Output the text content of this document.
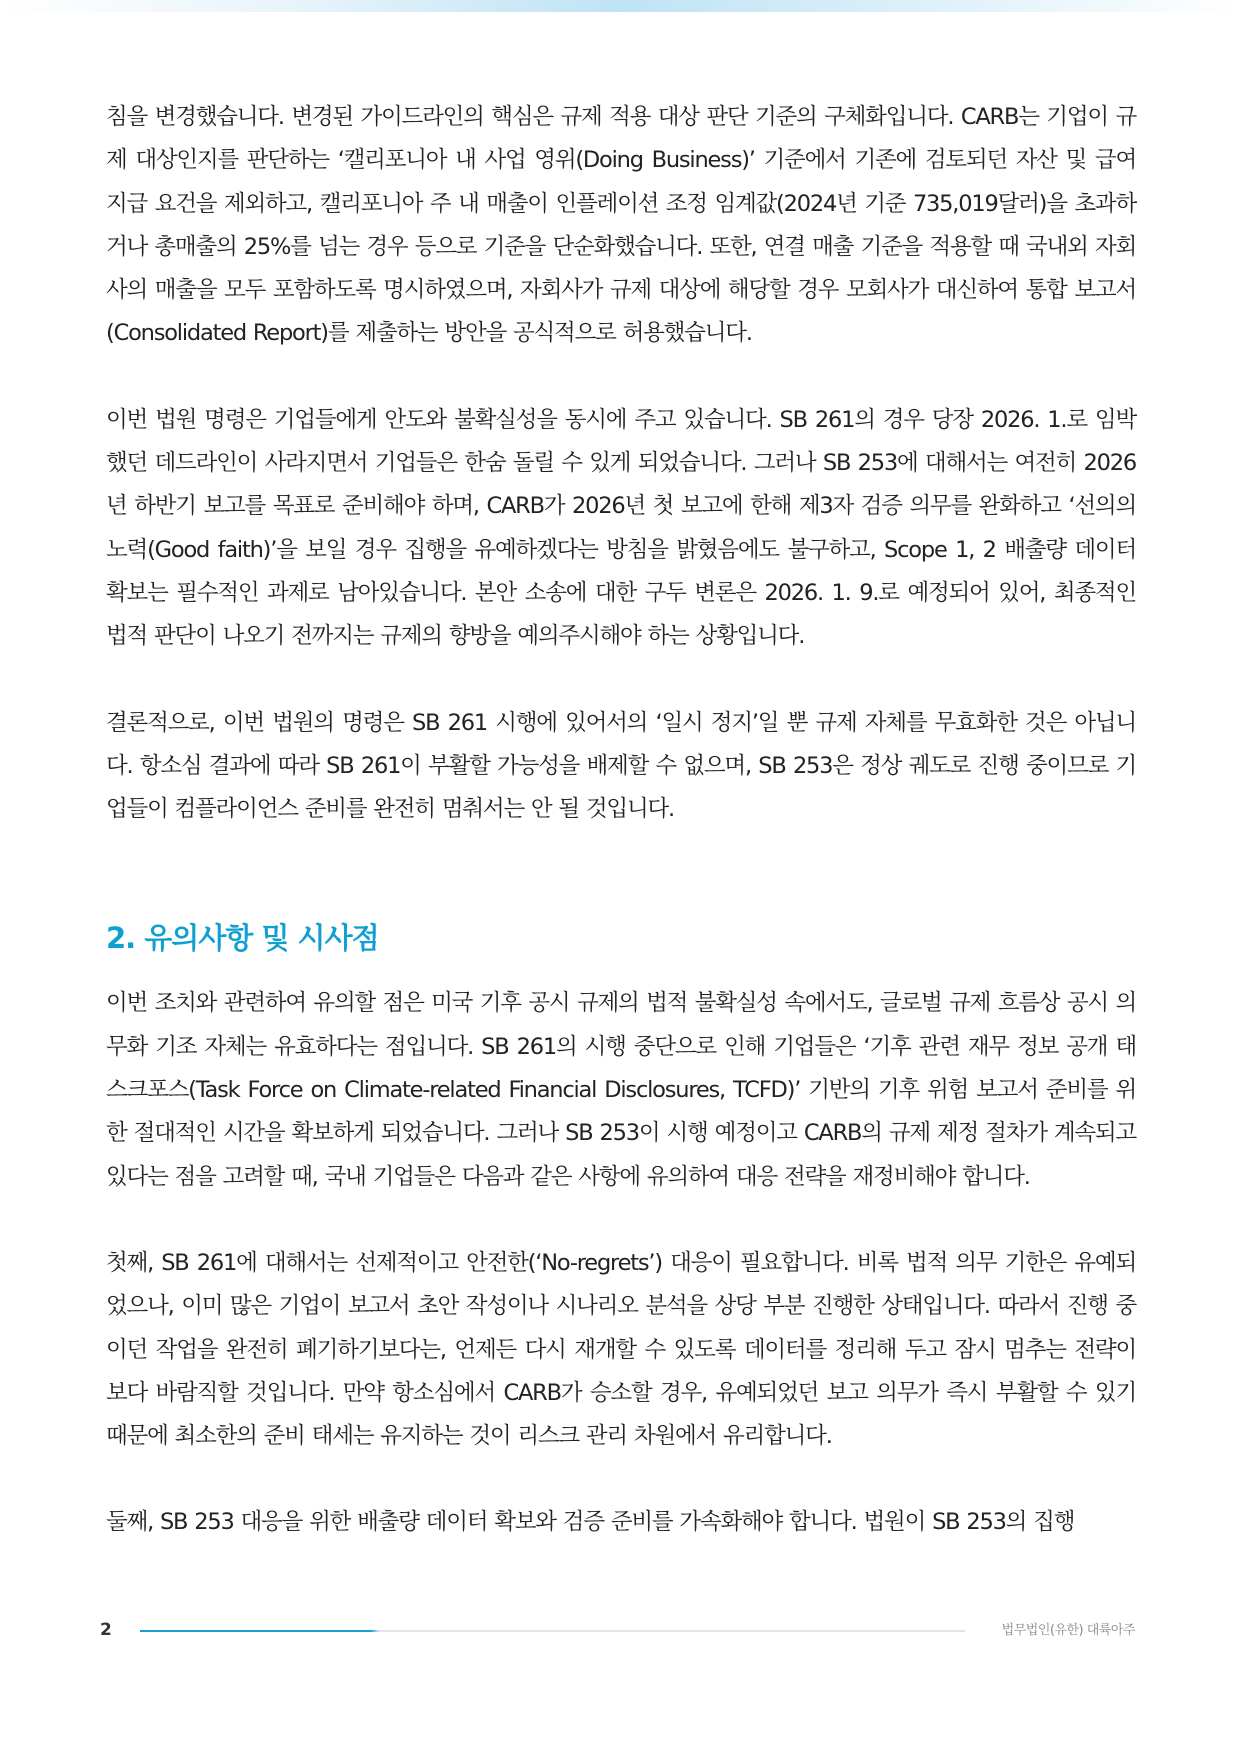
침을 변경했습니다. 변경된 가이드라인의 핵심은 규제 적용 대상 판단 기준의 구체화입니다. CARB는 기업이 규제 대상인지를 판단하는 ‘캘리포니아 내 사업 영위(Doing Business)’ 기준에서 기존에 검토되던 자산 및 급여 지급 요건을 제외하고, 캘리포니아 주 내 매출이 인플레이션 조정 임계값(2024년 기준 735,019달러)을 초과하거나 총매출의 25%를 넘는 경우 등으로 기준을 단순화했습니다. 또한, 연결 매출 기준을 적용할 때 국내외 자회사의 매출을 모두 포함하도록 명시하였으며, 자회사가 규제 대상에 해당할 경우 모회사가 대신하여 통합 보고서(Consolidated Report)를 제출하는 방안을 공식적으로 허용했습니다.

이번 법원 명령은 기업들에게 안도와 불확실성을 동시에 주고 있습니다. SB 261의 경우 당장 2026. 1.로 임박했던 데드라인이 사라지면서 기업들은 한숨 돌릴 수 있게 되었습니다. 그러나 SB 253에 대해서는 여전히 2026년 하반기 보고를 목표로 준비해야 하며, CARB가 2026년 첫 보고에 한해 제3자 검증 의무를 완화하고 ‘선의의 노력(Good faith)’을 보일 경우 집행을 유예하겠다는 방침을 밝혔음에도 불구하고, Scope 1, 2 배출량 데이터 확보는 필수적인 과제로 남아있습니다. 본안 소송에 대한 구두 변론은 2026. 1. 9.로 예정되어 있어, 최종적인 법적 판단이 나오기 전까지는 규제의 향방을 예의주시해야 하는 상황입니다.

결론적으로, 이번 법원의 명령은 SB 261 시행에 있어서의 ‘일시 정지’일 뿐 규제 자체를 무효화한 것은 아닙니다. 항소심 결과에 따라 SB 261이 부활할 가능성을 배제할 수 없으며, SB 253은 정상 궤도로 진행 중이므로 기업들이 컴플라이언스 준비를 완전히 멈춰서는 안 될 것입니다.

2. 유의사항 및 시사점

이번 조치와 관련하여 유의할 점은 미국 기후 공시 규제의 법적 불확실성 속에서도, 글로벌 규제 흐름상 공시 의무화 기조 자체는 유효하다는 점입니다. SB 261의 시행 중단으로 인해 기업들은 ‘기후 관련 재무 정보 공개 태스크포스(Task Force on Climate-related Financial Disclosures, TCFD)’ 기반의 기후 위험 보고서 준비를 위한 절대적인 시간을 확보하게 되었습니다. 그러나 SB 253이 시행 예정이고 CARB의 규제 제정 절차가 계속되고 있다는 점을 고려할 때, 국내 기업들은 다음과 같은 사항에 유의하여 대응 전략을 재정비해야 합니다.

첫째, SB 261에 대해서는 선제적이고 안전한(‘No-regrets’) 대응이 필요합니다. 비록 법적 의무 기한은 유예되었으나, 이미 많은 기업이 보고서 초안 작성이나 시나리오 분석을 상당 부분 진행한 상태입니다. 따라서 진행 중이던 작업을 완전히 폐기하기보다는, 언제든 다시 재개할 수 있도록 데이터를 정리해 두고 잠시 멈추는 전략이 보다 바람직할 것입니다. 만약 항소심에서 CARB가 승소할 경우, 유예되었던 보고 의무가 즉시 부활할 수 있기 때문에 최소한의 준비 태세는 유지하는 것이 리스크 관리 차원에서 유리합니다.

둘째, SB 253 대응을 위한 배출량 데이터 확보와 검증 준비를 가속화해야 합니다. 법원이 SB 253의 집행

2	법무법인(유한) 대륙아주
